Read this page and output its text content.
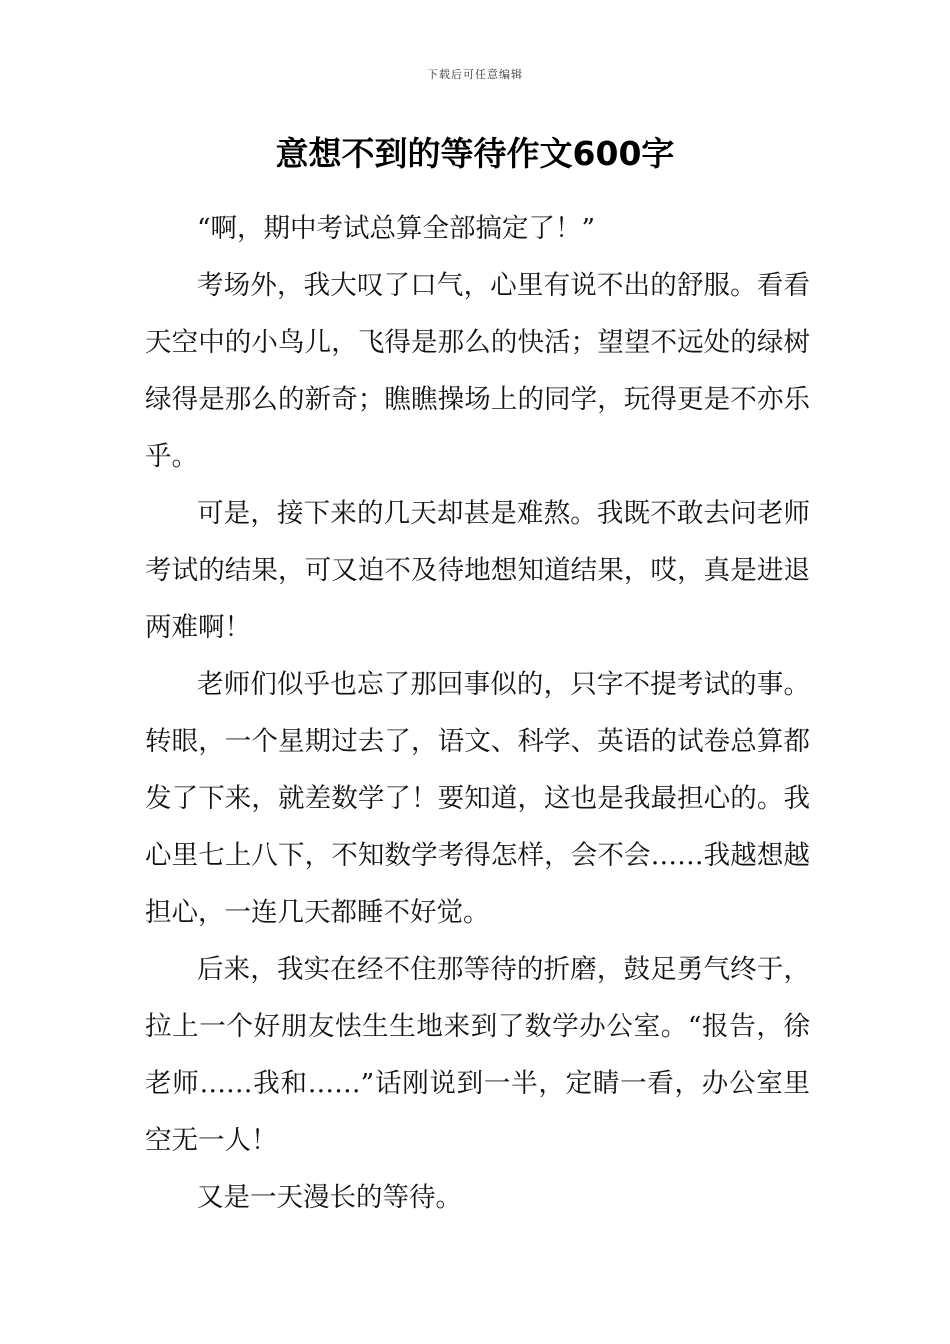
下载后可任意编辑
意想不到的等待作文600字

“啊，期中考试总算全部搞定了！”

考场外，我大叹了口气，心里有说不出的舒服。看看天空中的小鸟儿，飞得是那么的快活；望望不远处的绿树绿得是那么的新奇；瞧瞧操场上的同学，玩得更是不亦乐乎。

可是，接下来的几天却甚是难熬。我既不敢去问老师考试的结果，可又迫不及待地想知道结果，哎，真是进退两难啊！

老师们似乎也忘了那回事似的，只字不提考试的事。转眼，一个星期过去了，语文、科学、英语的试卷总算都发了下来，就差数学了！要知道，这也是我最担心的。我心里七上八下，不知数学考得怎样，会不会……我越想越担心，一连几天都睡不好觉。

后来，我实在经不住那等待的折磨，鼓足勇气终于，拉上一个好朋友怯生生地来到了数学办公室。“报告，徐老师……我和……”话刚说到一半，定睛一看，办公室里空无一人！

又是一天漫长的等待。
